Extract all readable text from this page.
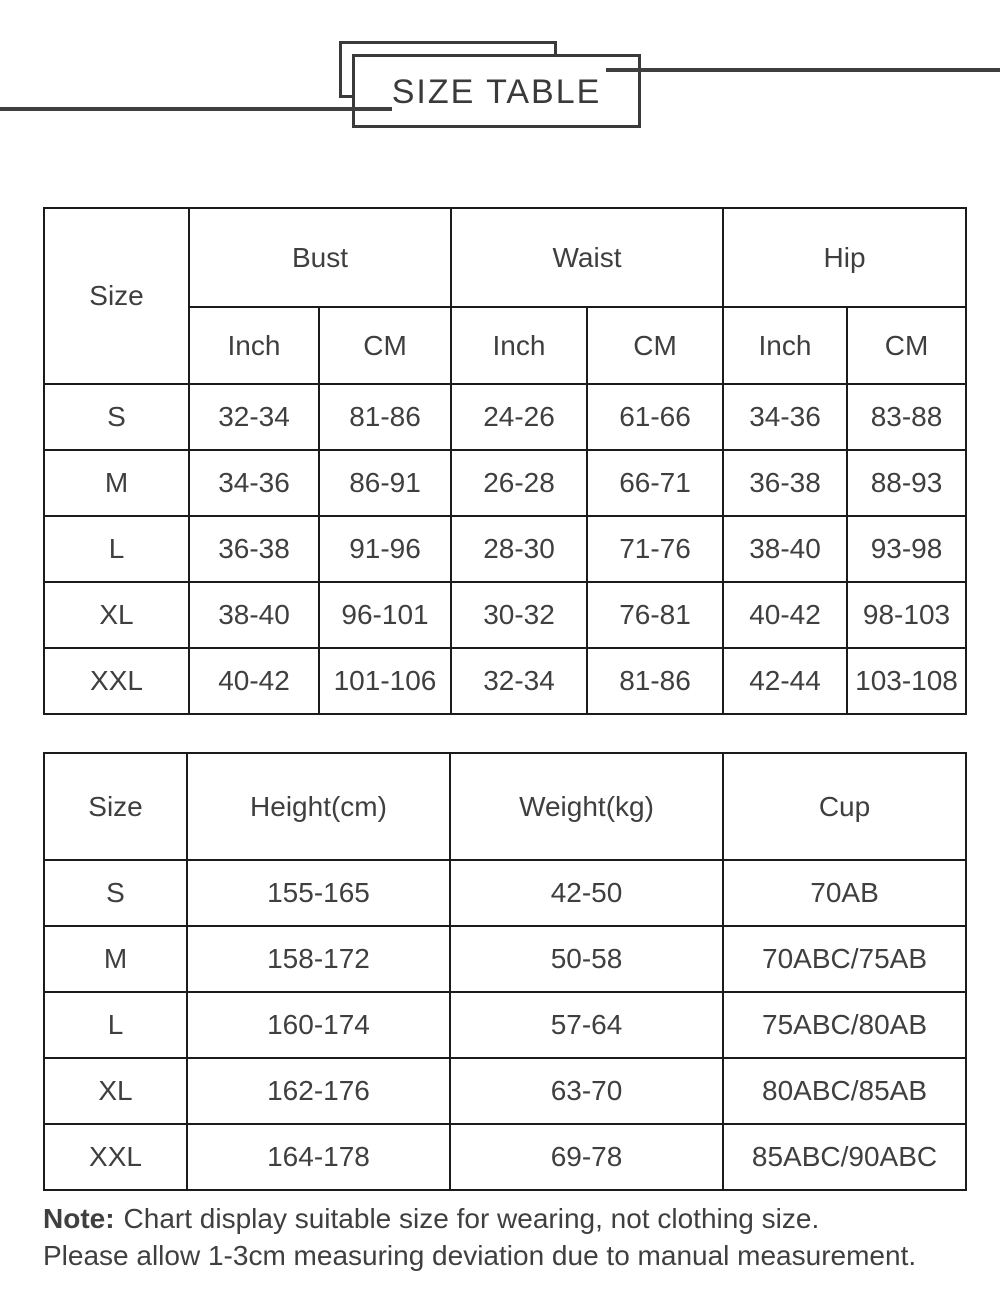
SIZE TABLE
Size	Bust		Waist		Hip	
	Inch	CM	Inch	CM	Inch	CM
S	32-34	81-86	24-26	61-66	34-36	83-88
M	34-36	86-91	26-28	66-71	36-38	88-93
L	36-38	91-96	28-30	71-76	38-40	93-98
XL	38-40	96-101	30-32	76-81	40-42	98-103
XXL	40-42	101-106	32-34	81-86	42-44	103-108
Size	Height(cm)	Weight(kg)	Cup
S	155-165	42-50	70AB
M	158-172	50-58	70ABC/75AB
L	160-174	57-64	75ABC/80AB
XL	162-176	63-70	80ABC/85AB
XXL	164-178	69-78	85ABC/90ABC
Note: Chart display suitable size for wearing, not clothing size.
Please allow 1-3cm measuring deviation due to manual measurement.
